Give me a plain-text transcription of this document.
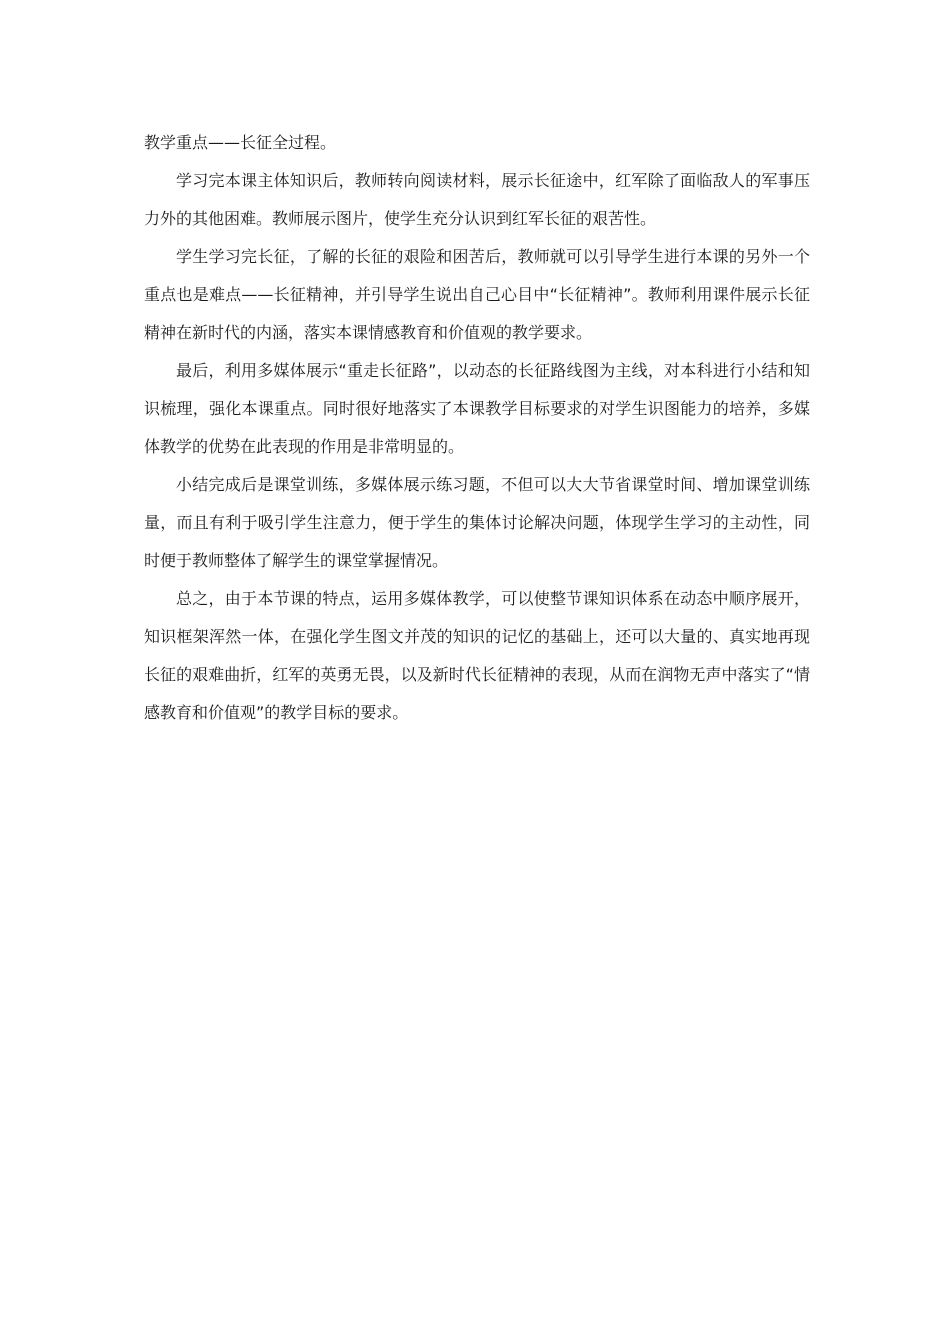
教学重点——长征全过程。

学习完本课主体知识后，教师转向阅读材料，展示长征途中，红军除了面临敌人的军事压力外的其他困难。教师展示图片，使学生充分认识到红军长征的艰苦性。

学生学习完长征，了解的长征的艰险和困苦后，教师就可以引导学生进行本课的另外一个重点也是难点——长征精神，并引导学生说出自己心目中“长征精神”。教师利用课件展示长征精神在新时代的内涵，落实本课情感教育和价值观的教学要求。

最后，利用多媒体展示“重走长征路”，以动态的长征路线图为主线，对本科进行小结和知识梳理，强化本课重点。同时很好地落实了本课教学目标要求的对学生识图能力的培养，多媒体教学的优势在此表现的作用是非常明显的。

小结完成后是课堂训练，多媒体展示练习题，不但可以大大节省课堂时间、增加课堂训练量，而且有利于吸引学生注意力，便于学生的集体讨论解决问题，体现学生学习的主动性，同时便于教师整体了解学生的课堂掌握情况。

总之，由于本节课的特点，运用多媒体教学，可以使整节课知识体系在动态中顺序展开，知识框架浑然一体，在强化学生图文并茂的知识的记忆的基础上，还可以大量的、真实地再现长征的艰难曲折，红军的英勇无畏，以及新时代长征精神的表现，从而在润物无声中落实了“情感教育和价值观”的教学目标的要求。
